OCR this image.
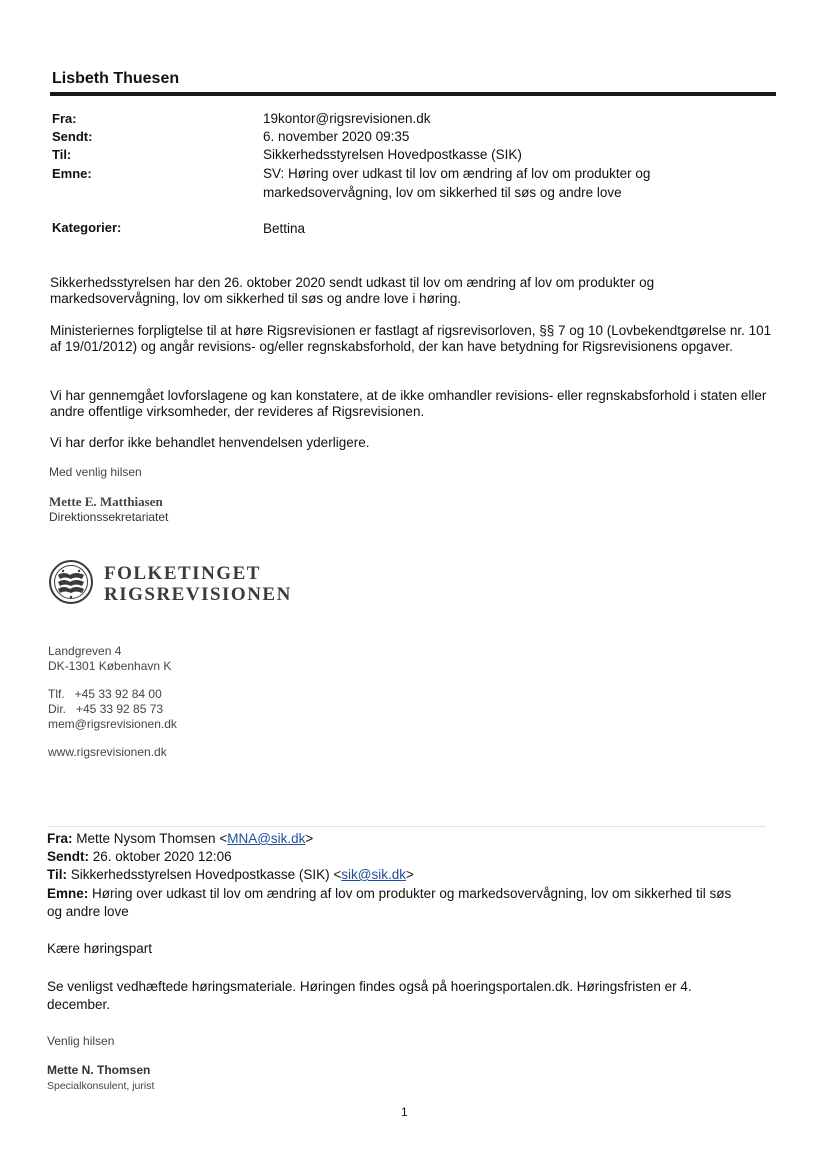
Lisbeth Thuesen
Fra:	19kontor@rigsrevisionen.dk
Sendt:	6. november 2020 09:35
Til:	Sikkerhedsstyrelsen Hovedpostkasse (SIK)
Emne:	SV: Høring over udkast til lov om ændring af lov om produkter og
markedsovervågning, lov om sikkerhed til søs og andre love
Kategorier:	Bettina
Sikkerhedsstyrelsen har den 26. oktober 2020 sendt udkast til lov om ændring af lov om produkter og markedsovervågning, lov om sikkerhed til søs og andre love i høring.
Ministeriernes forpligtelse til at høre Rigsrevisionen er fastlagt af rigsrevisorloven, §§ 7 og 10 (Lovbekendtgørelse nr. 101 af 19/01/2012) og angår revisions- og/eller regnskabsforhold, der kan have betydning for Rigsrevisionens opgaver.
Vi har gennemgået lovforslagene og kan konstatere, at de ikke omhandler revisions- eller regnskabsforhold i staten eller andre offentlige virksomheder, der revideres af Rigsrevisionen.
Vi har derfor ikke behandlet henvendelsen yderligere.
Med venlig hilsen
Mette E. Matthiasen
Direktionssekretariatet
FOLKETINGET
RIGSREVISIONEN
Landgreven 4
DK-1301 København K
Tlf.   +45 33 92 84 00
Dir.   +45 33 92 85 73
mem@rigsrevisionen.dk
www.rigsrevisionen.dk
Fra: Mette Nysom Thomsen <MNA@sik.dk>
Sendt: 26. oktober 2020 12:06
Til: Sikkerhedsstyrelsen Hovedpostkasse (SIK) <sik@sik.dk>
Emne: Høring over udkast til lov om ændring af lov om produkter og markedsovervågning, lov om sikkerhed til søs
og andre love
Kære høringspart
Se venligst vedhæftede høringsmateriale. Høringen findes også på hoeringsportalen.dk. Høringsfristen er 4.
december.
Venlig hilsen
Mette N. Thomsen
Specialkonsulent, jurist
1
